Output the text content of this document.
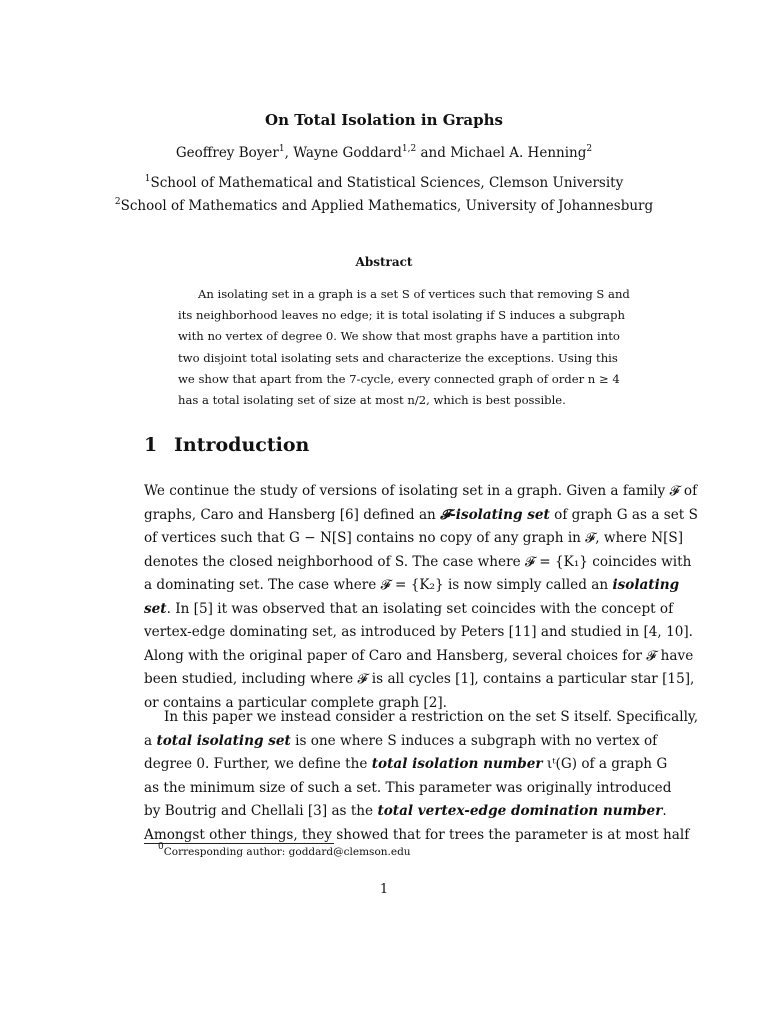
On Total Isolation in Graphs
Geoffrey Boyer$^1$, Wayne Goddard$^{1,2}$ and Michael A. Henning$^2$
$^1$School of Mathematical and Statistical Sciences, Clemson University
$^2$School of Mathematics and Applied Mathematics, University of Johannesburg
Abstract
An isolating set in a graph is a set S of vertices such that removing S and
its neighborhood leaves no edge; it is total isolating if S induces a subgraph
with no vertex of degree 0. We show that most graphs have a partition into
two disjoint total isolating sets and characterize the exceptions. Using this
we show that apart from the 7-cycle, every connected graph of order n ≥ 4
has a total isolating set of size at most n/2, which is best possible.
1 Introduction
We continue the study of versions of isolating set in a graph. Given a family 𝓕 of
graphs, Caro and Hansberg [6] defined an 𝓕-isolating set of graph G as a set S
of vertices such that G − N[S] contains no copy of any graph in 𝓕, where N[S]
denotes the closed neighborhood of S. The case where 𝓕 = {K₁} coincides with
a dominating set. The case where 𝓕 = {K₂} is now simply called an isolating
set. In [5] it was observed that an isolating set coincides with the concept of
vertex-edge dominating set, as introduced by Peters [11] and studied in [4, 10].
Along with the original paper of Caro and Hansberg, several choices for 𝓕 have
been studied, including where 𝓕 is all cycles [1], contains a particular star [15],
or contains a particular complete graph [2].
In this paper we instead consider a restriction on the set S itself. Specifically,
a total isolating set is one where S induces a subgraph with no vertex of
degree 0. Further, we define the total isolation number ιᵗ(G) of a graph G
as the minimum size of such a set. This parameter was originally introduced
by Boutrig and Chellali [3] as the total vertex-edge domination number.
Amongst other things, they showed that for trees the parameter is at most half
$^0$Corresponding author: goddard@clemson.edu
1
